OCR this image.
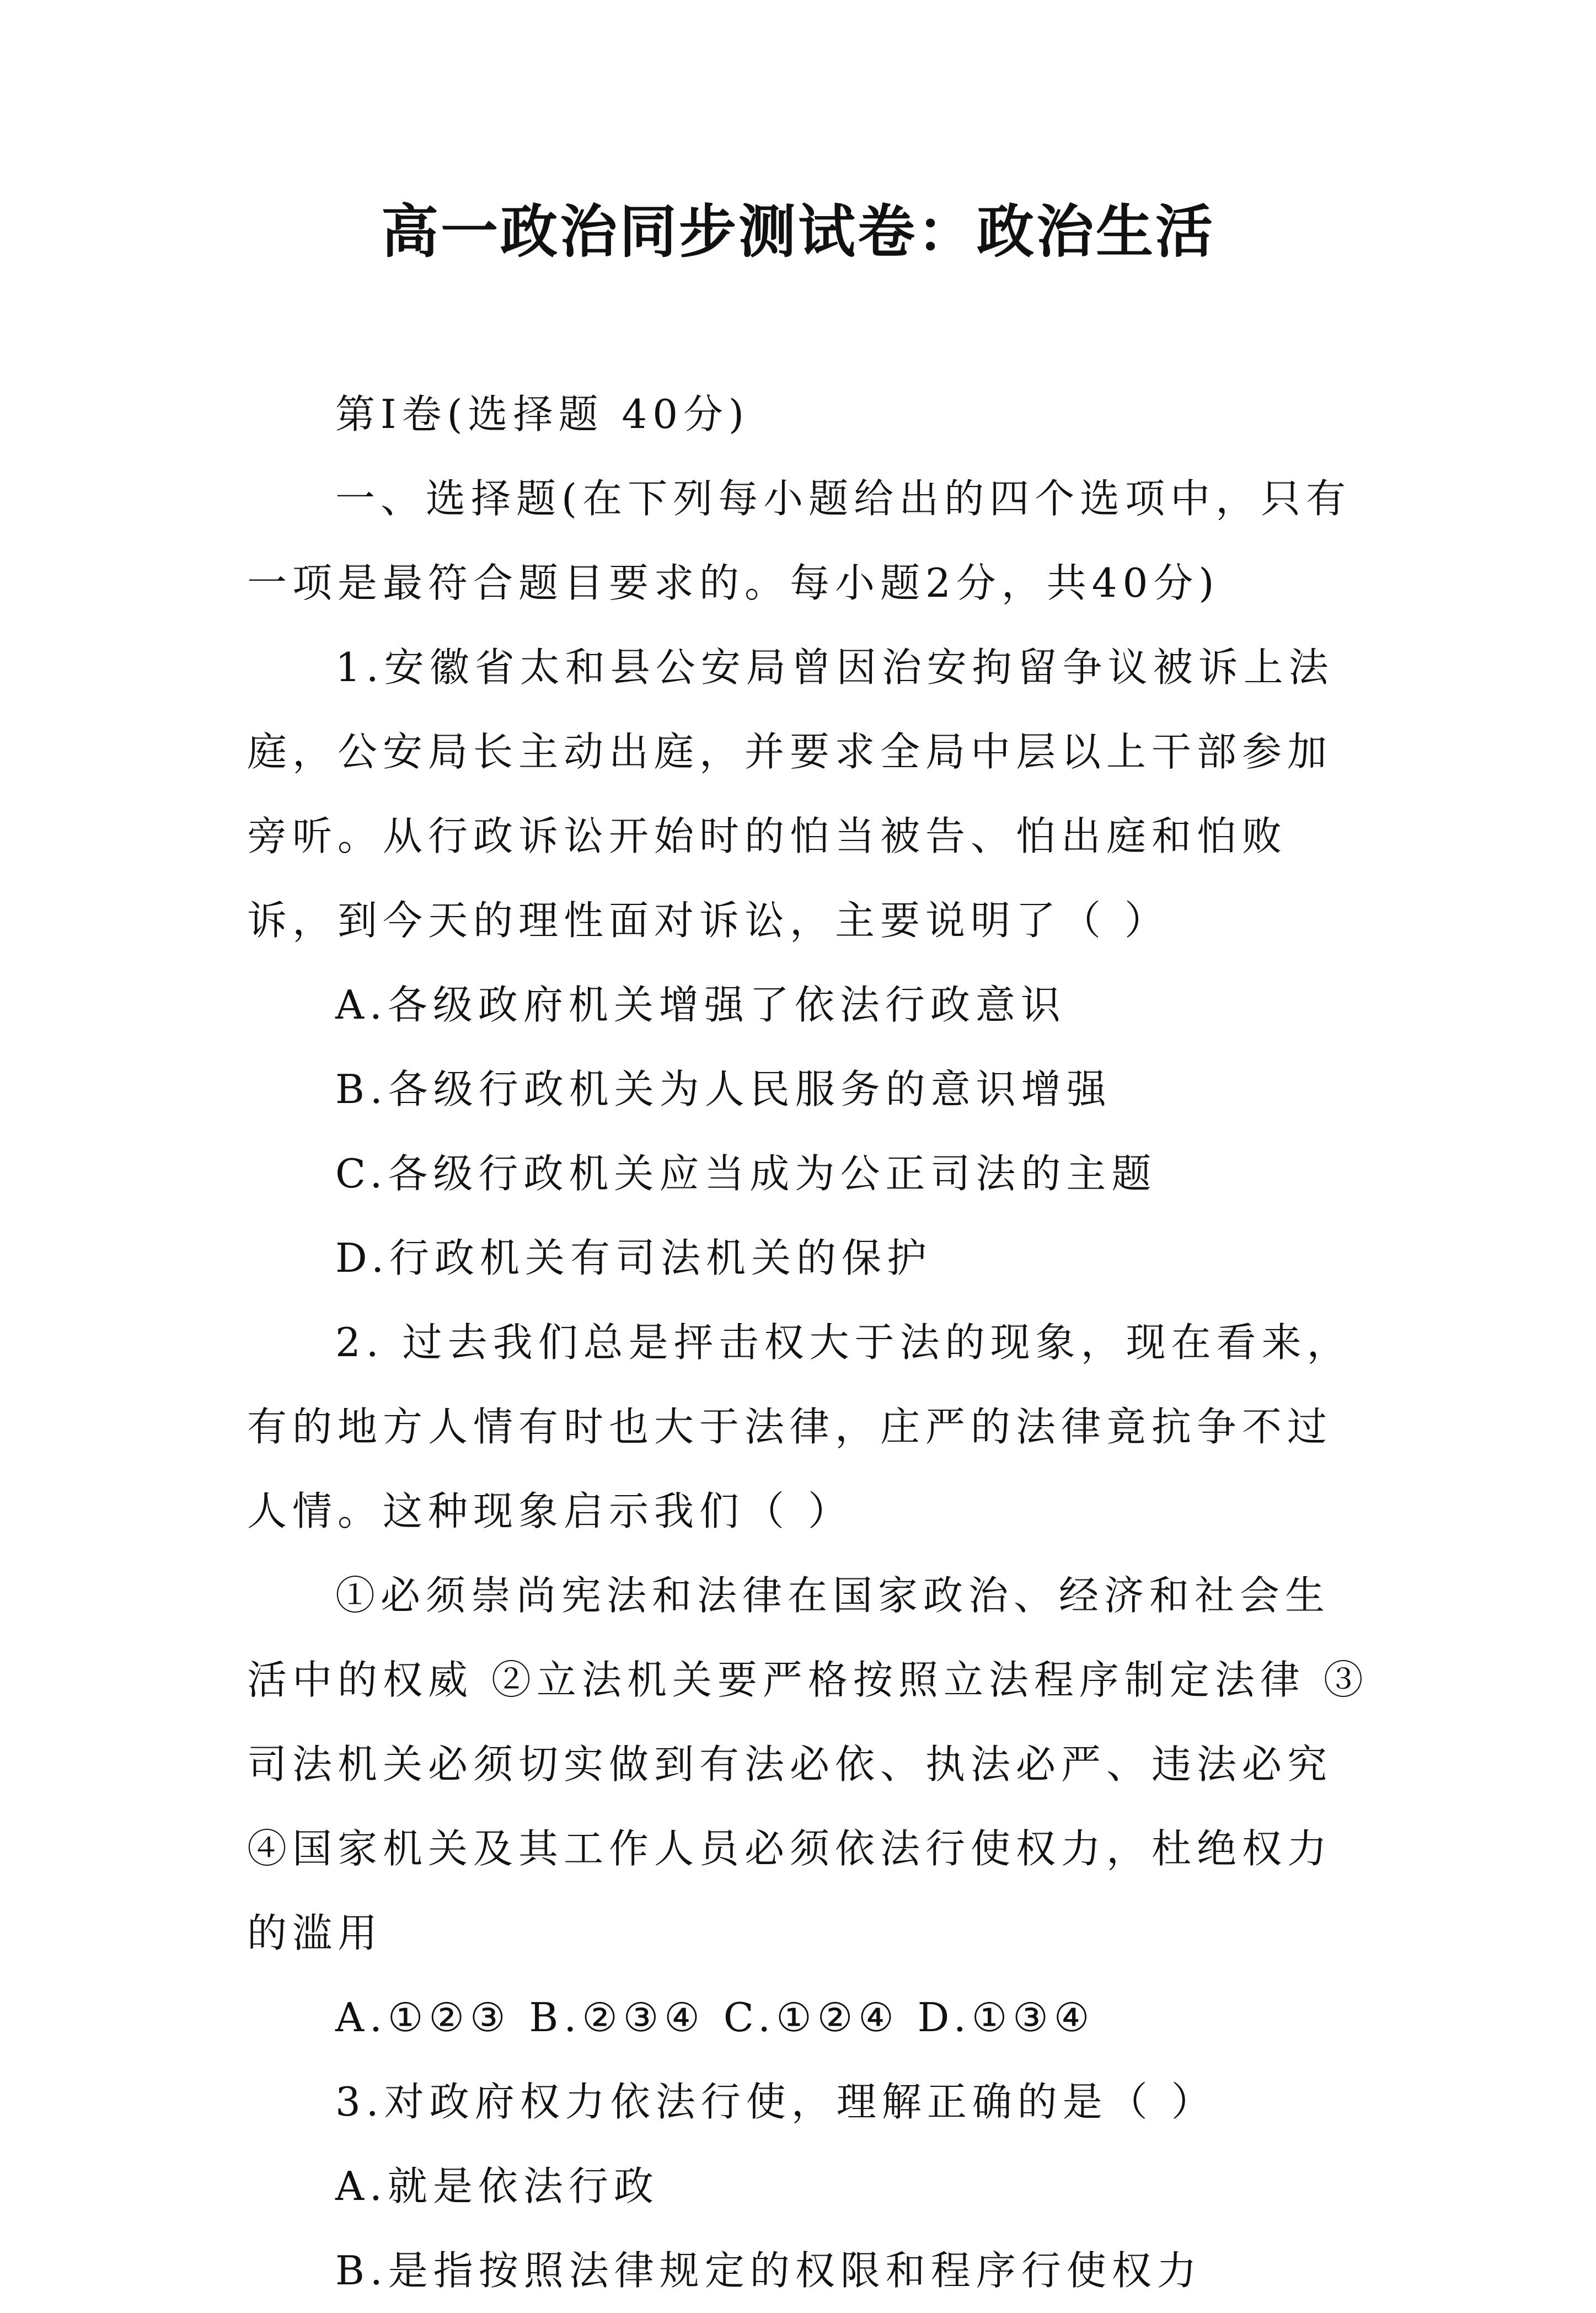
高一政治同步测试卷：政治生活

第Ⅰ卷(选择题 40分)

一、选择题(在下列每小题给出的四个选项中，只有一项是最符合题目要求的。每小题2分，共40分)

1.安徽省太和县公安局曾因治安拘留争议被诉上法庭，公安局长主动出庭，并要求全局中层以上干部参加旁听。从行政诉讼开始时的怕当被告、怕出庭和怕败诉，到今天的理性面对诉讼，主要说明了（ ）

A.各级政府机关增强了依法行政意识

B.各级行政机关为人民服务的意识增强

C.各级行政机关应当成为公正司法的主题

D.行政机关有司法机关的保护

2. 过去我们总是抨击权大于法的现象，现在看来，有的地方人情有时也大于法律，庄严的法律竟抗争不过人情。这种现象启示我们（ ）

①必须崇尚宪法和法律在国家政治、经济和社会生活中的权威 ②立法机关要严格按照立法程序制定法律 ③司法机关必须切实做到有法必依、执法必严、违法必究 ④国家机关及其工作人员必须依法行使权力，杜绝权力的滥用

A.①②③ B.②③④ C.①②④ D.①③④

3.对政府权力依法行使，理解正确的是（ ）

A.就是依法行政

B.是指按照法律规定的权限和程序行使权力
